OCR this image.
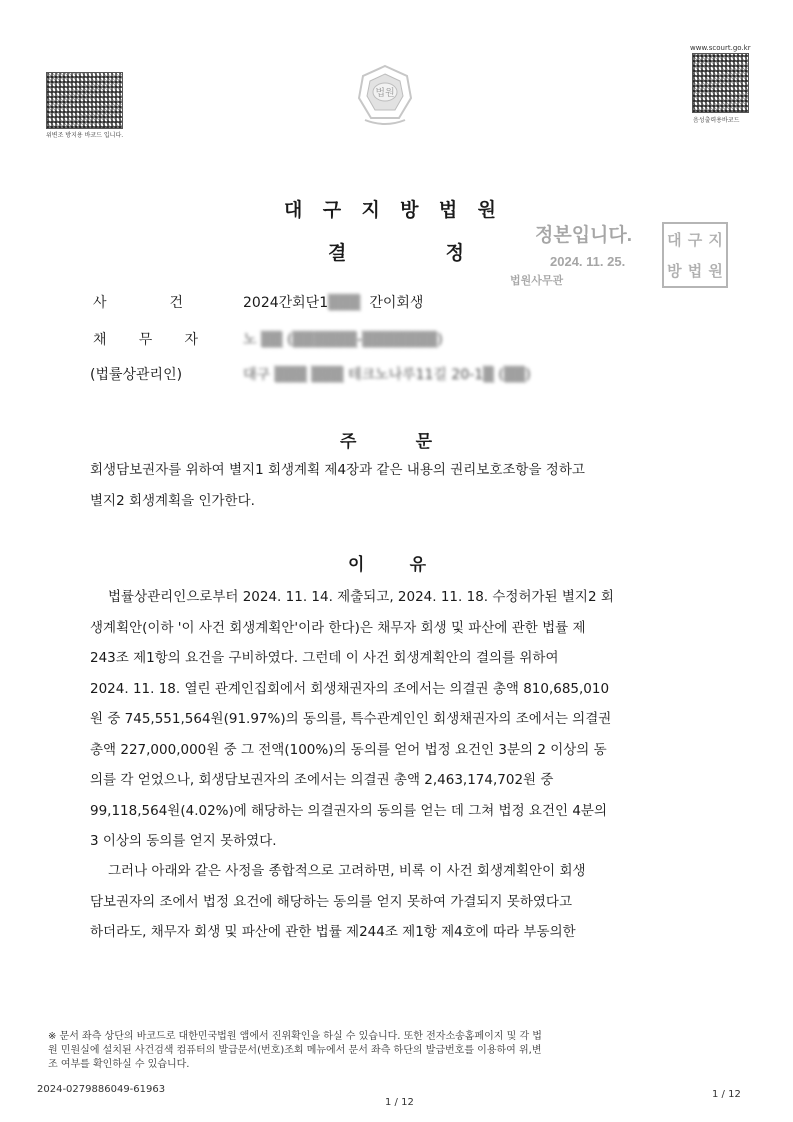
위변조 방지용 바코드 입니다.
법원
www.scourt.go.kr
음성출력용바코드
대 구 지 방 법 원
결	정
정본입니다.
2024. 11. 25.
법원사무관
대 구 지
방 법 원
사	건	2024간회단1▒▒▒ 간이회생
채 무 자	노 ▒▒ (▒▒▒▒▒▒-▒▒▒▒▒▒▒)
(법률상관리인)	대구 ▒▒▒ ▒▒▒ 테크노나루11길 20-1▒ (▒▒)
주	문
회생담보권자를 위하여 별지1 회생계획 제4장과 같은 내용의 권리보호조항을 정하고
별지2 회생계획을 인가한다.
이	유
법률상관리인으로부터 2024. 11. 14. 제출되고, 2024. 11. 18. 수정허가된 별지2 회
생계획안(이하 '이 사건 회생계획안'이라 한다)은 채무자 회생 및 파산에 관한 법률 제
243조 제1항의 요건을 구비하였다. 그런데 이 사건 회생계획안의 결의를 위하여
2024. 11. 18. 열린 관계인집회에서 회생채권자의 조에서는 의결권 총액 810,685,010
원 중 745,551,564원(91.97%)의 동의를, 특수관계인인 회생채권자의 조에서는 의결권
총액 227,000,000원 중 그 전액(100%)의 동의를 얻어 법정 요건인 3분의 2 이상의 동
의를 각 얻었으나, 회생담보권자의 조에서는 의결권 총액 2,463,174,702원 중
99,118,564원(4.02%)에 해당하는 의결권자의 동의를 얻는 데 그쳐 법정 요건인 4분의
3 이상의 동의를 얻지 못하였다.
그러나 아래와 같은 사정을 종합적으로 고려하면, 비록 이 사건 회생계획안이 회생
담보권자의 조에서 법정 요건에 해당하는 동의를 얻지 못하여 가결되지 못하였다고
하더라도, 채무자 회생 및 파산에 관한 법률 제244조 제1항 제4호에 따라 부동의한
※ 문서 좌측 상단의 바코드로 대한민국법원 앱에서 진위확인을 하실 수 있습니다. 또한 전자소송홈페이지 및 각 법
원 민원실에 설치된 사건검색 컴퓨터의 발급문서(번호)조회 메뉴에서 문서 좌측 하단의 발급번호를 이용하여 위,변
조 여부를 확인하실 수 있습니다.
2024-0279886049-61963
1 / 12
1 / 12
